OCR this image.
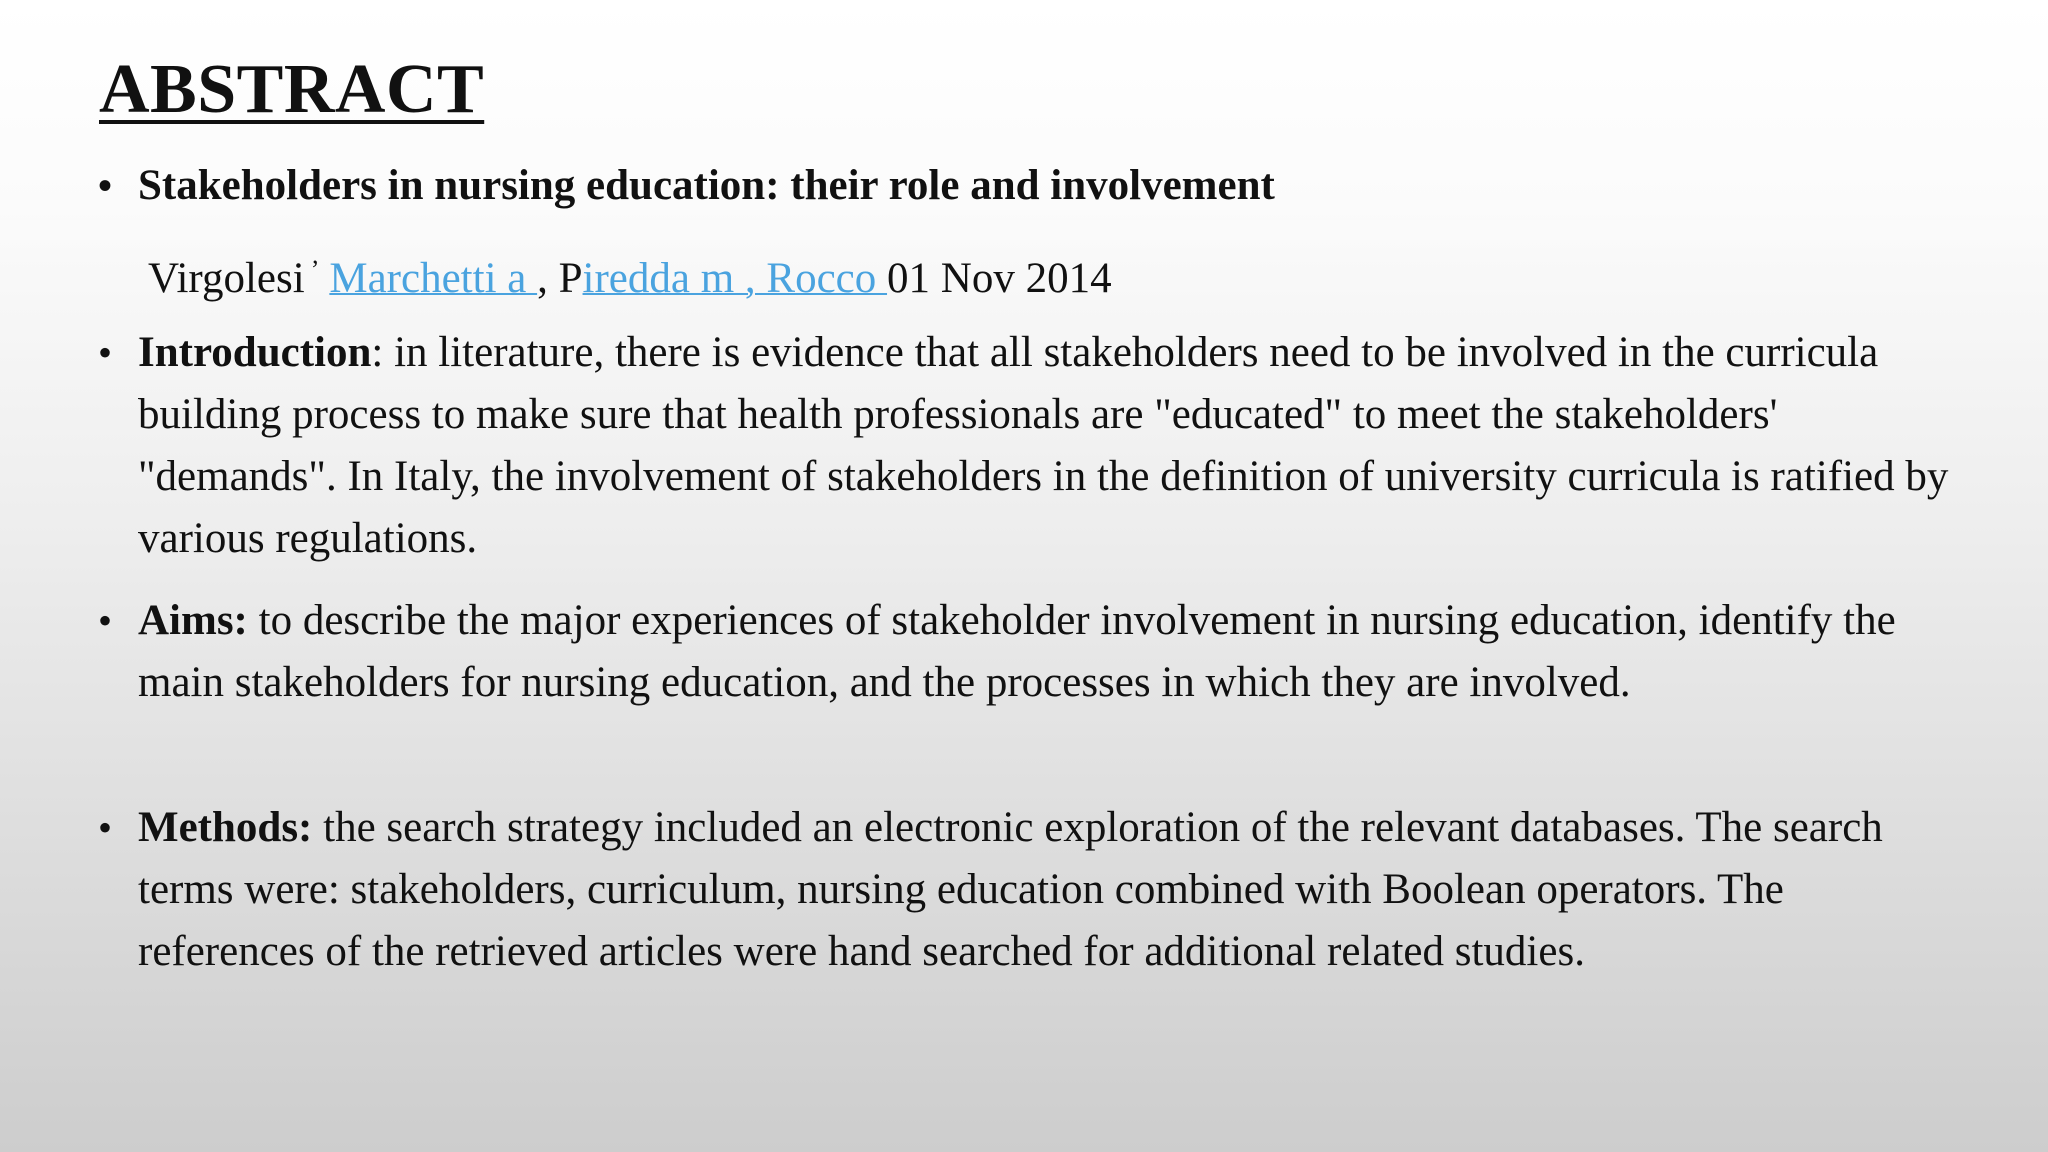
ABSTRACT
• Stakeholders in nursing education: their role and involvement
Virgolesi ’ Marchetti a , Piredda m , Rocco 01 Nov 2014
• Introduction: in literature, there is evidence that all stakeholders need to be involved in the curricula building process to make sure that health professionals are "educated" to meet the stakeholders' "demands". In Italy, the involvement of stakeholders in the definition of university curricula is ratified by various regulations.
• Aims: to describe the major experiences of stakeholder involvement in nursing education, identify the main stakeholders for nursing education, and the processes in which they are involved.
• Methods: the search strategy included an electronic exploration of the relevant databases. The search terms were: stakeholders, curriculum, nursing education combined with Boolean operators. The references of the retrieved articles were hand searched for additional related studies.
